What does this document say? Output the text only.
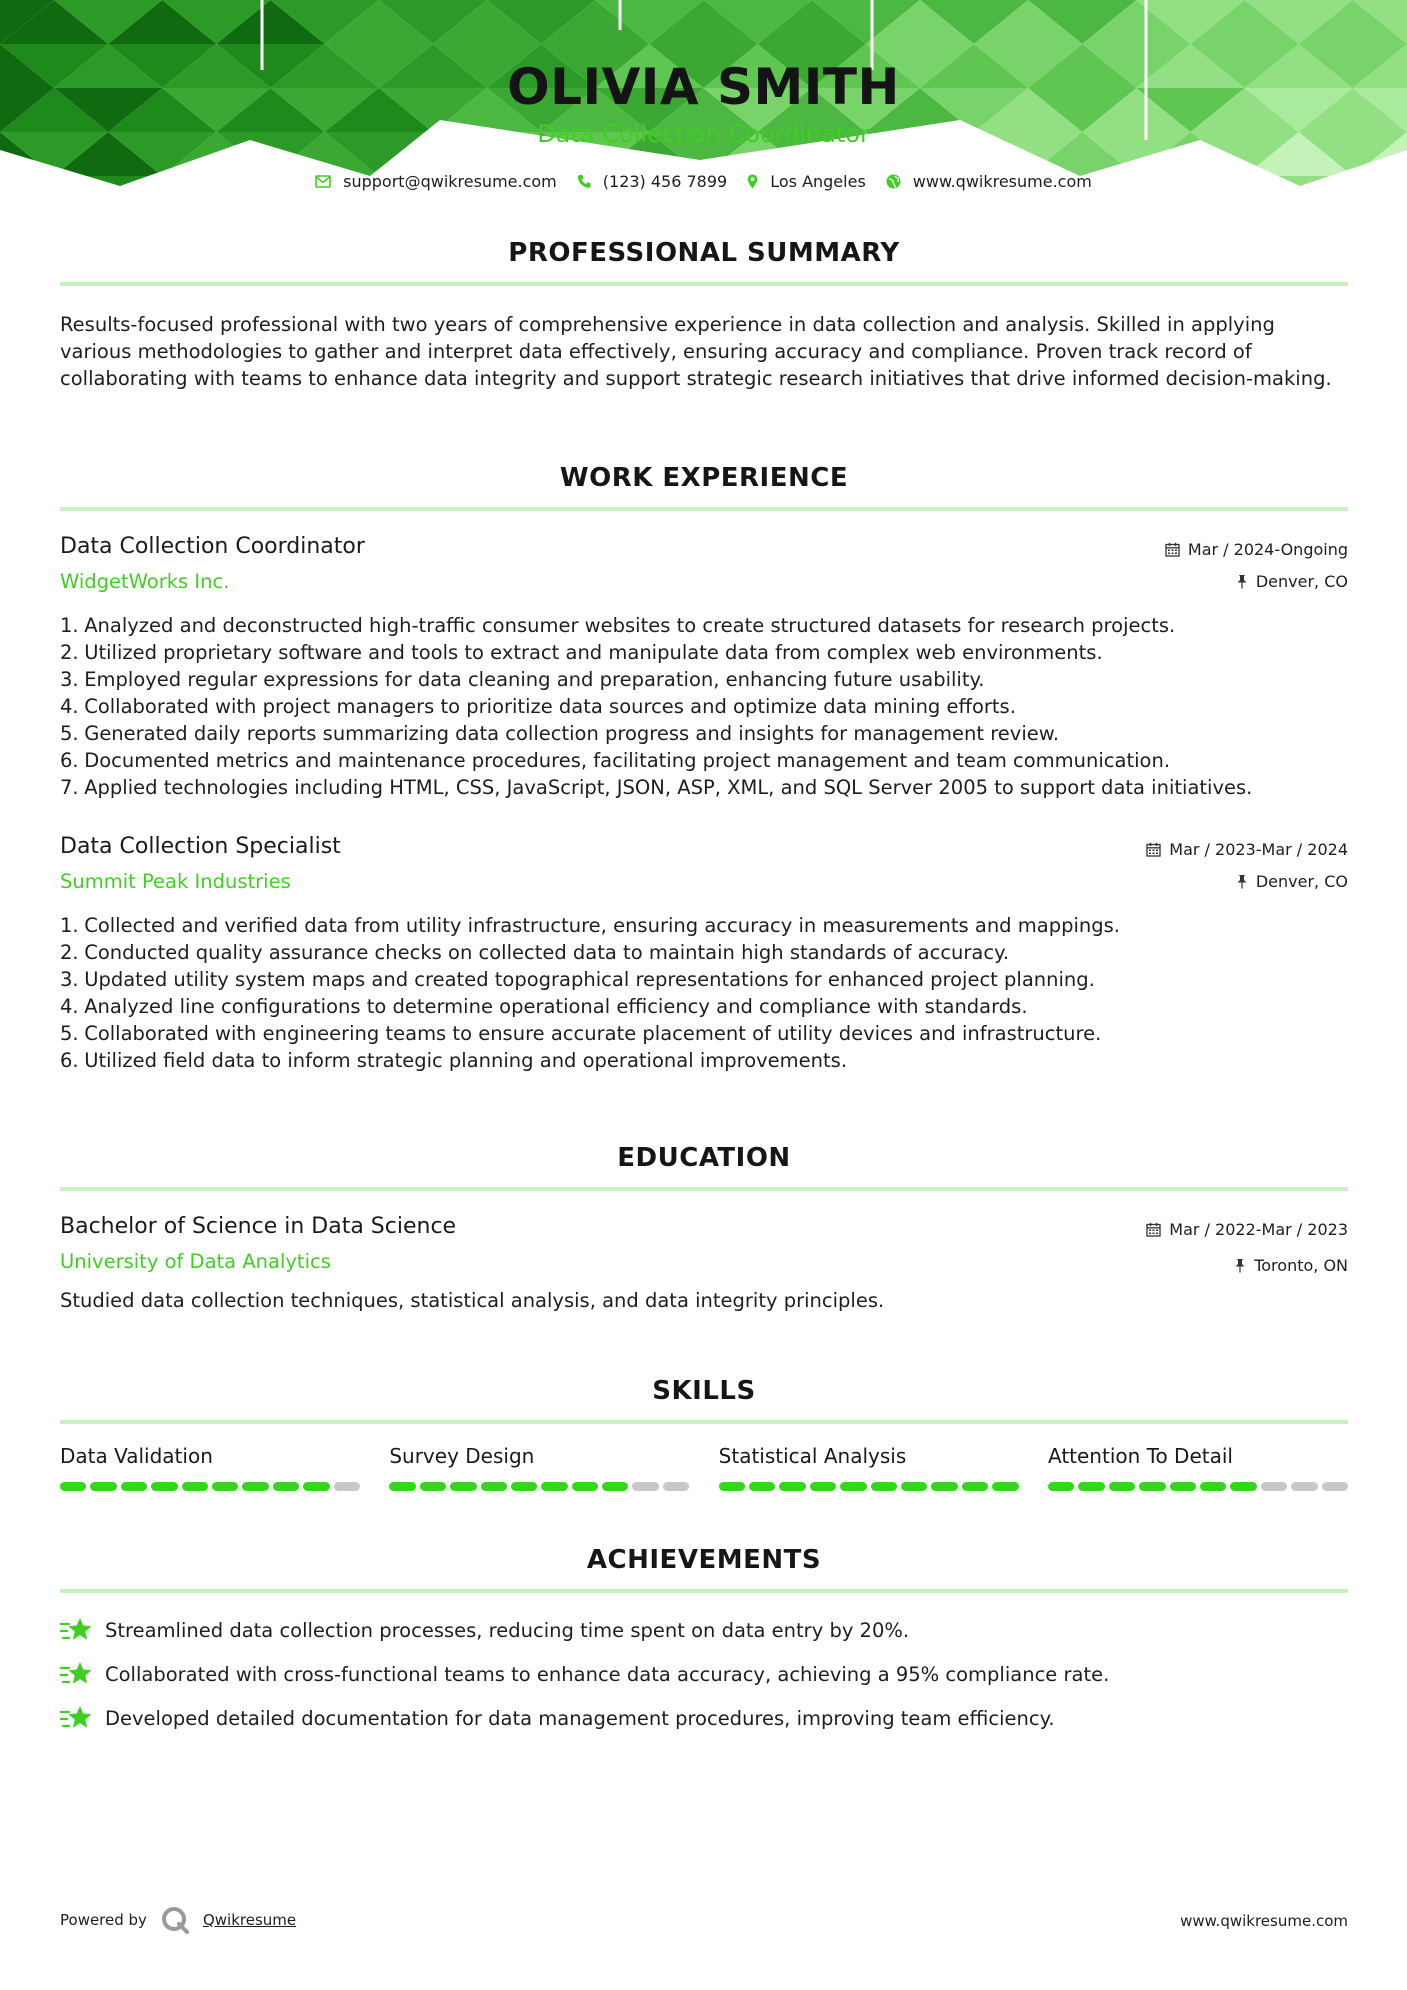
OLIVIA SMITH
Data Collection Coordinator
support@qwikresume.com	(123) 456 7899	Los Angeles	www.qwikresume.com
PROFESSIONAL SUMMARY
Results-focused professional with two years of comprehensive experience in data collection and analysis. Skilled in applying various methodologies to gather and interpret data effectively, ensuring accuracy and compliance. Proven track record of collaborating with teams to enhance data integrity and support strategic research initiatives that drive informed decision-making.
WORK EXPERIENCE
Data Collection Coordinator
WidgetWorks Inc.
Mar / 2024-Ongoing
Denver, CO
1. Analyzed and deconstructed high-traffic consumer websites to create structured datasets for research projects.
2. Utilized proprietary software and tools to extract and manipulate data from complex web environments.
3. Employed regular expressions for data cleaning and preparation, enhancing future usability.
4. Collaborated with project managers to prioritize data sources and optimize data mining efforts.
5. Generated daily reports summarizing data collection progress and insights for management review.
6. Documented metrics and maintenance procedures, facilitating project management and team communication.
7. Applied technologies including HTML, CSS, JavaScript, JSON, ASP, XML, and SQL Server 2005 to support data initiatives.
Data Collection Specialist
Summit Peak Industries
Mar / 2023-Mar / 2024
Denver, CO
1. Collected and verified data from utility infrastructure, ensuring accuracy in measurements and mappings.
2. Conducted quality assurance checks on collected data to maintain high standards of accuracy.
3. Updated utility system maps and created topographical representations for enhanced project planning.
4. Analyzed line configurations to determine operational efficiency and compliance with standards.
5. Collaborated with engineering teams to ensure accurate placement of utility devices and infrastructure.
6. Utilized field data to inform strategic planning and operational improvements.
EDUCATION
Bachelor of Science in Data Science
University of Data Analytics
Mar / 2022-Mar / 2023
Toronto, ON
Studied data collection techniques, statistical analysis, and data integrity principles.
SKILLS
Data Validation	Survey Design	Statistical Analysis	Attention To Detail
ACHIEVEMENTS
Streamlined data collection processes, reducing time spent on data entry by 20%.
Collaborated with cross-functional teams to enhance data accuracy, achieving a 95% compliance rate.
Developed detailed documentation for data management procedures, improving team efficiency.
Powered by	Qwikresume	www.qwikresume.com
